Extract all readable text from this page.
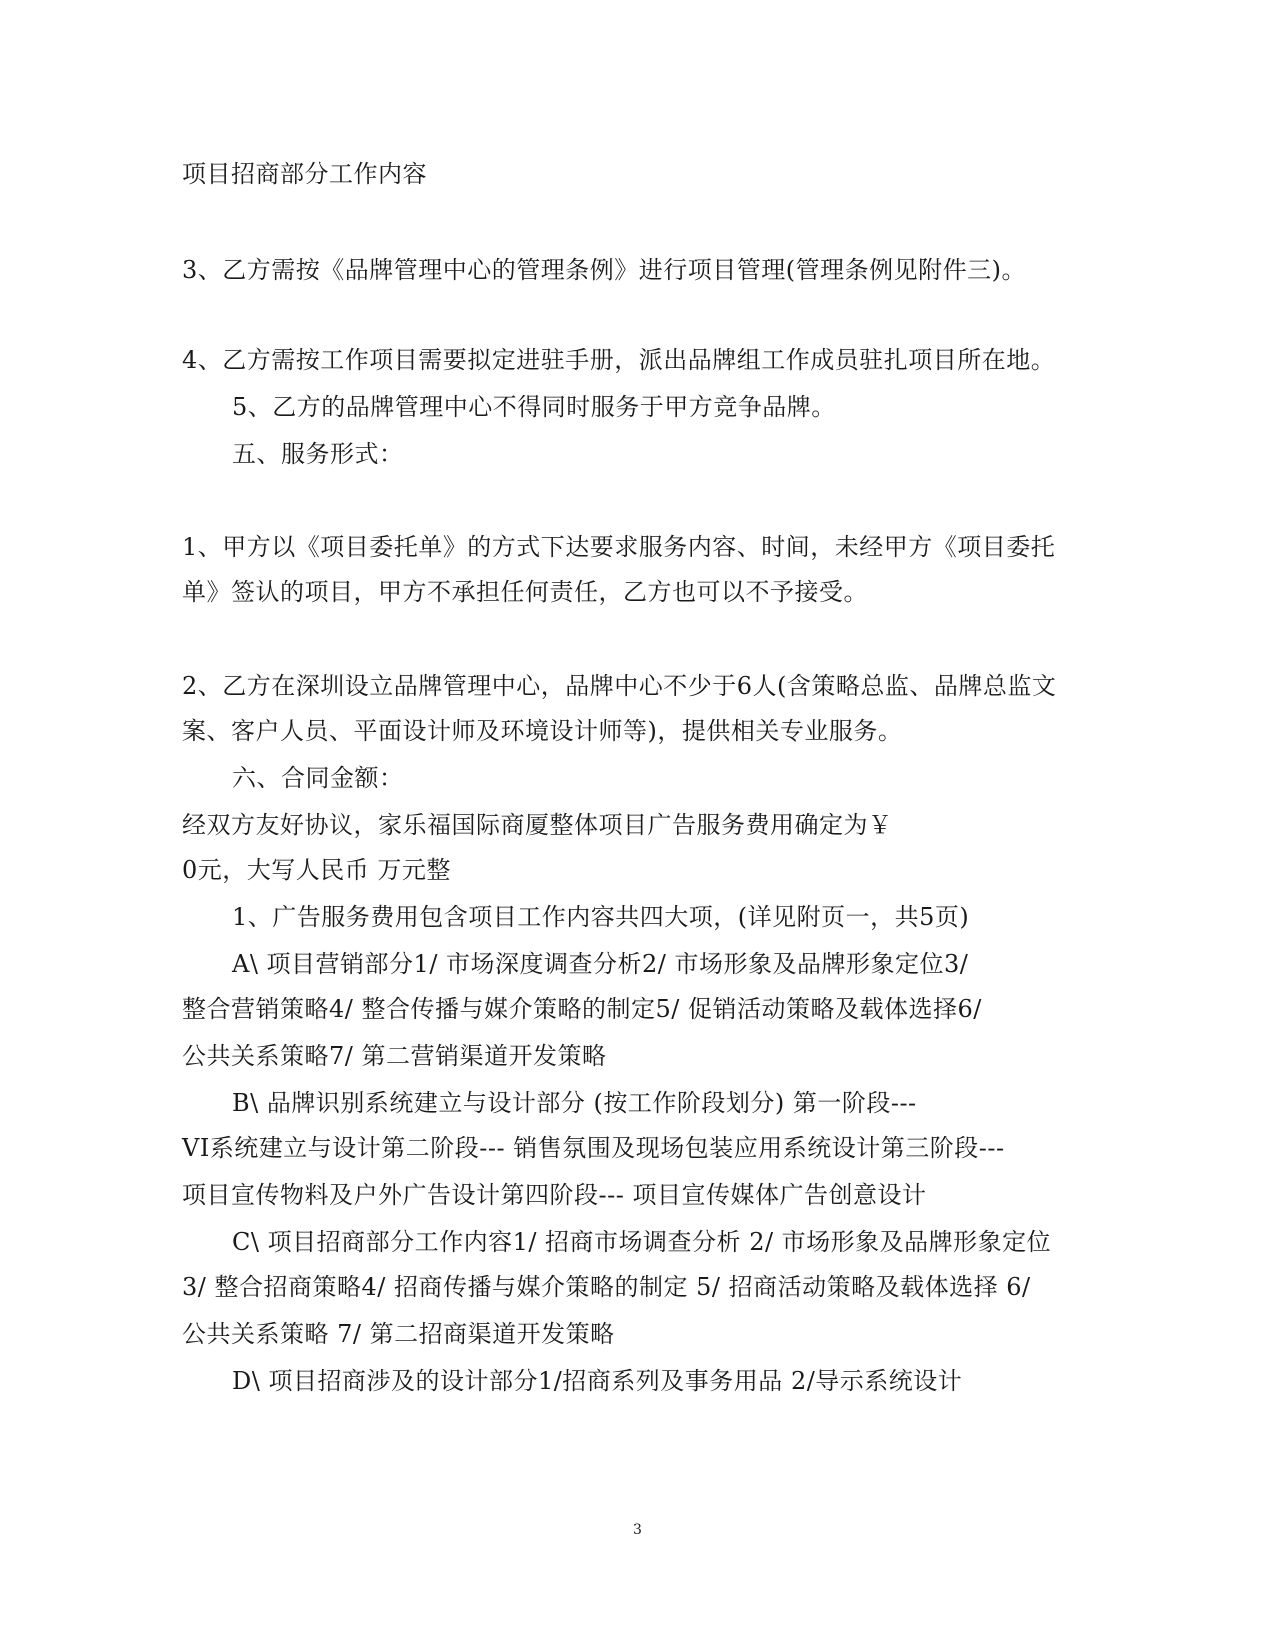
项目招商部分工作内容
3、乙方需按《品牌管理中心的管理条例》进行项目管理(管理条例见附件三)。
4、乙方需按工作项目需要拟定进驻手册，派出品牌组工作成员驻扎项目所在地。
5、乙方的品牌管理中心不得同时服务于甲方竞争品牌。
五、服务形式：
1、甲方以《项目委托单》的方式下达要求服务内容、时间，未经甲方《项目委托
单》签认的项目，甲方不承担任何责任，乙方也可以不予接受。
2、乙方在深圳设立品牌管理中心，品牌中心不少于6人(含策略总监、品牌总监文
案、客户人员、平面设计师及环境设计师等)，提供相关专业服务。
六、合同金额：
经双方友好协议，家乐福国际商厦整体项目广告服务费用确定为￥
0元，大写人民币 万元整
1、广告服务费用包含项目工作内容共四大项，(详见附页一，共5页)
A\ 项目营销部分1/ 市场深度调查分析2/ 市场形象及品牌形象定位3/
整合营销策略4/ 整合传播与媒介策略的制定5/ 促销活动策略及载体选择6/
公共关系策略7/ 第二营销渠道开发策略
B\ 品牌识别系统建立与设计部分 (按工作阶段划分) 第一阶段---
VI系统建立与设计第二阶段--- 销售氛围及现场包装应用系统设计第三阶段---
项目宣传物料及户外广告设计第四阶段--- 项目宣传媒体广告创意设计
C\ 项目招商部分工作内容1/ 招商市场调查分析 2/ 市场形象及品牌形象定位
3/ 整合招商策略4/ 招商传播与媒介策略的制定 5/ 招商活动策略及载体选择 6/
公共关系策略 7/ 第二招商渠道开发策略
D\ 项目招商涉及的设计部分1/招商系列及事务用品 2/导示系统设计
3
